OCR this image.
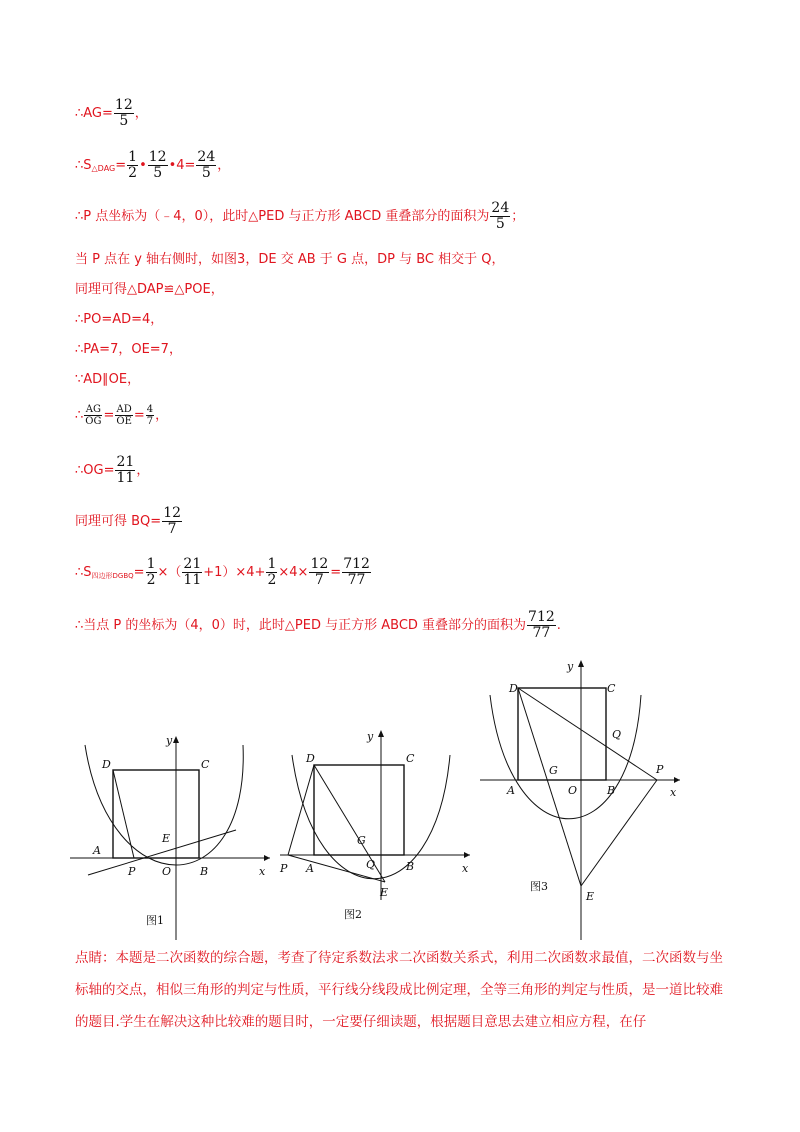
∴AG= $\frac{12}{5}$ ，
∴S △DAG = $\frac{1}{2}$ • $\frac{12}{5}$ •4= $\frac{24}{5}$ ，
∴P 点坐标为（﹣4，0），此时△PED 与正方形 ABCD 重叠部分的面积为 $\frac{24}{5}$ ；
当 P 点在 y 轴右侧时，如图3，DE 交 AB 于 G 点，DP 与 BC 相交于 Q，
同理可得△DAP≌△POE，
∴PO=AD=4，
∴PA=7，OE=7，
∵AD∥OE，
∴ $\frac{AG}{OG} = \frac{AD}{OE} = \frac{4}{7}$ ，
∴OG= $\frac{21}{11}$ ，
同理可得 $BQ= \frac{12}{7}$
∴S 四边形DGBQ = $\frac{1}{2}$ ×（ $\frac{21}{11} +1)\times 4+ \frac{1}{2} \times 4\times \frac{12}{7} = \frac{712}{77}$
∴当点 P 的坐标为（4，0）时，此时△PED 与正方形 ABCD 重叠部分的面积为 $\frac{712}{77}$ .
y
D	C
E
A
P O	B	x
图1
y
D	C
G
A
P	Q	B
E
x
图2
y
D	C
Q
G
A	O	B
P
x
E
图3
点睛：本题是二次函数的综合题，考查了待定系数法求二次函数关系式，利用二次函数求最值，二次函数与坐标轴的交点，相似三角形的判定与性质，平行线分线段成比例定理，全等三角形的判定与性质，是一道比较难的题目.学生在解决这种比较难的题目时，一定要仔细读题，根据题目意思去建立相应方程，在仔
